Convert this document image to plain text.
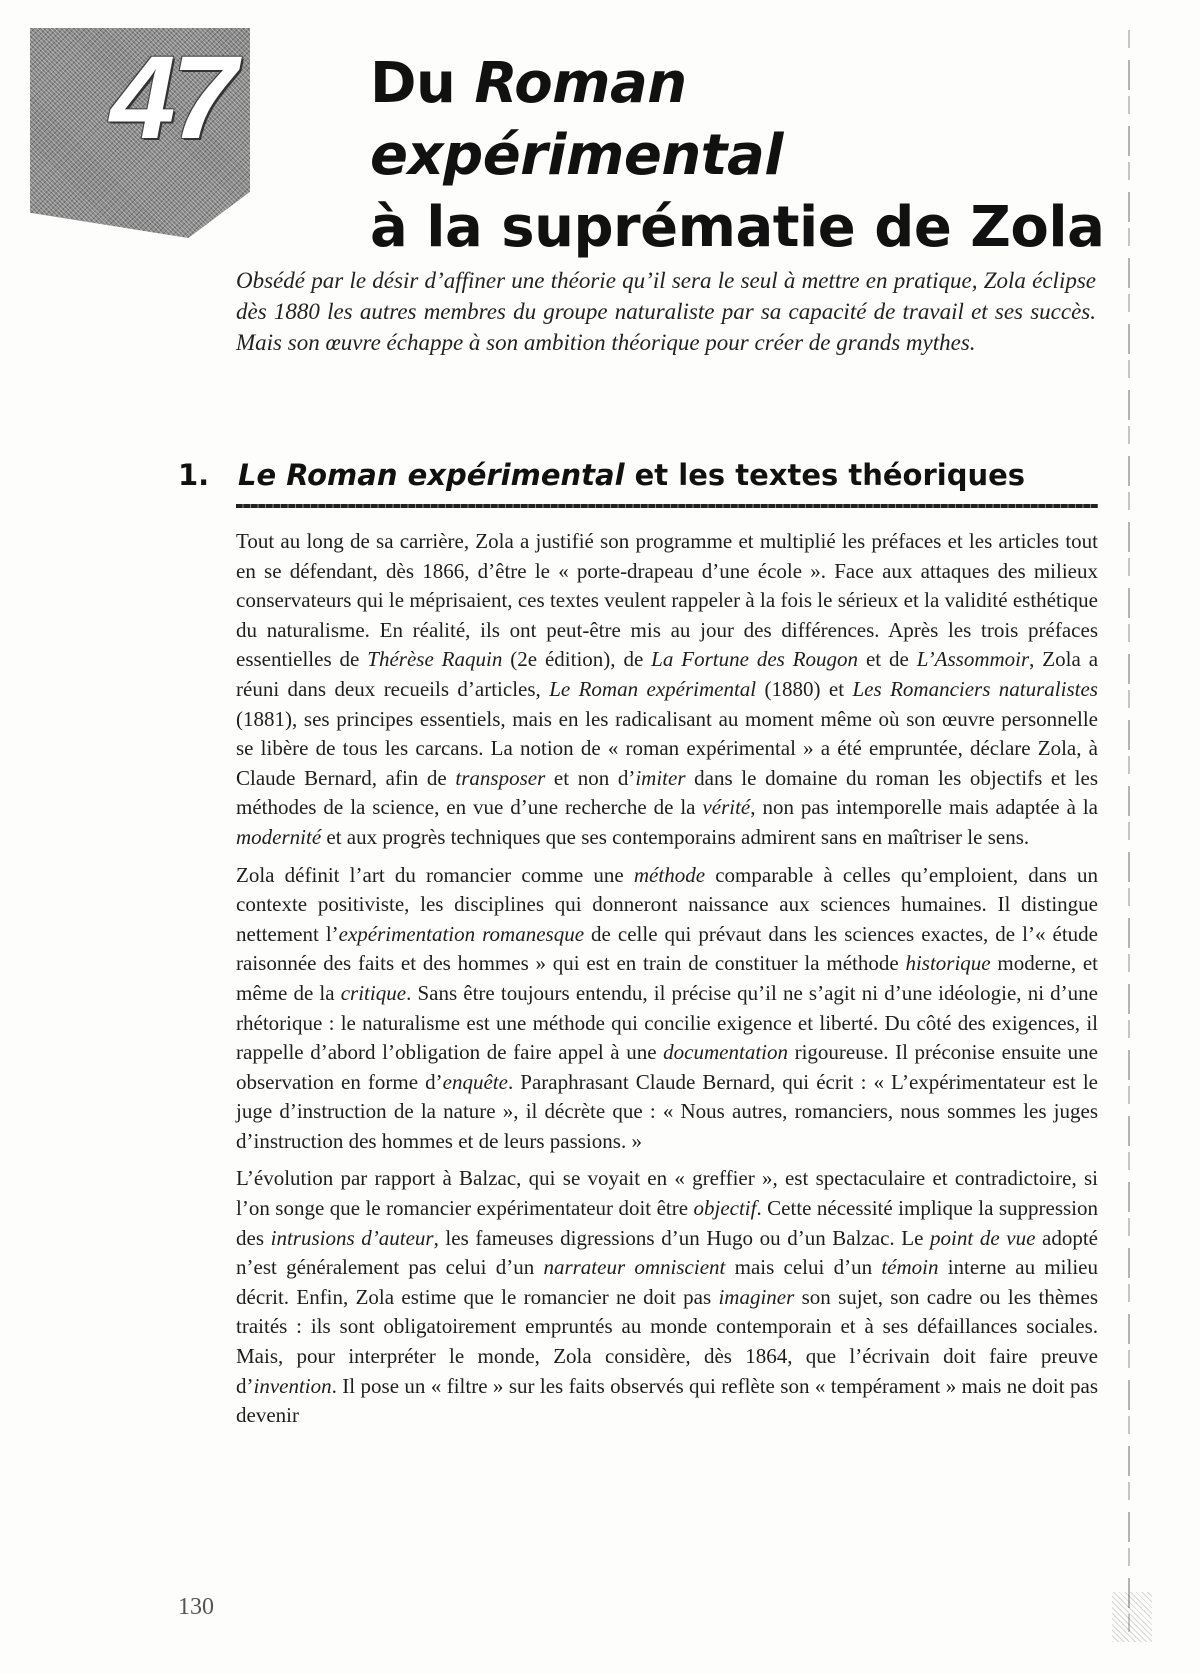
47	Du Roman expérimental
à la suprématie de Zola

Obsédé par le désir d’affiner une théorie qu’il sera le seul à mettre en pratique, Zola éclipse dès 1880 les autres membres du groupe naturaliste par sa capacité de travail et ses succès. Mais son œuvre échappe à son ambition théorique pour créer de grands mythes.

1. Le Roman expérimental et les textes théoriques

Tout au long de sa carrière, Zola a justifié son programme et multiplié les préfaces et les articles tout en se défendant, dès 1866, d’être le « porte-drapeau d’une école ». Face aux attaques des milieux conservateurs qui le méprisaient, ces textes veulent rappeler à la fois le sérieux et la validité esthétique du naturalisme. En réalité, ils ont peut-être mis au jour des différences. Après les trois préfaces essentielles de Thérèse Raquin (2e édition), de La Fortune des Rougon et de L’Assommoir, Zola a réuni dans deux recueils d’articles, Le Roman expérimental (1880) et Les Romanciers naturalistes (1881), ses principes essentiels, mais en les radicalisant au moment même où son œuvre personnelle se libère de tous les carcans. La notion de « roman expérimental » a été empruntée, déclare Zola, à Claude Bernard, afin de transposer et non d’imiter dans le domaine du roman les objectifs et les méthodes de la science, en vue d’une recherche de la vérité, non pas intemporelle mais adaptée à la modernité et aux progrès techniques que ses contemporains admirent sans en maîtriser le sens.

Zola définit l’art du romancier comme une méthode comparable à celles qu’emploient, dans un contexte positiviste, les disciplines qui donneront naissance aux sciences humaines. Il distingue nettement l’expérimentation romanesque de celle qui prévaut dans les sciences exactes, de l’« étude raisonnée des faits et des hommes » qui est en train de constituer la méthode historique moderne, et même de la critique. Sans être toujours entendu, il précise qu’il ne s’agit ni d’une idéologie, ni d’une rhétorique : le naturalisme est une méthode qui concilie exigence et liberté. Du côté des exigences, il rappelle d’abord l’obligation de faire appel à une documentation rigoureuse. Il préconise ensuite une observation en forme d’enquête. Paraphrasant Claude Bernard, qui écrit : « L’expérimentateur est le juge d’instruction de la nature », il décrète que : « Nous autres, romanciers, nous sommes les juges d’instruction des hommes et de leurs passions. »

L’évolution par rapport à Balzac, qui se voyait en « greffier », est spectaculaire et contradictoire, si l’on songe que le romancier expérimentateur doit être objectif. Cette nécessité implique la suppression des intrusions d’auteur, les fameuses digressions d’un Hugo ou d’un Balzac. Le point de vue adopté n’est généralement pas celui d’un narrateur omniscient mais celui d’un témoin interne au milieu décrit. Enfin, Zola estime que le romancier ne doit pas imaginer son sujet, son cadre ou les thèmes traités : ils sont obligatoirement empruntés au monde contemporain et à ses défaillances sociales. Mais, pour interpréter le monde, Zola considère, dès 1864, que l’écrivain doit faire preuve d’invention. Il pose un « filtre » sur les faits observés qui reflète son « tempérament » mais ne doit pas devenir

130
